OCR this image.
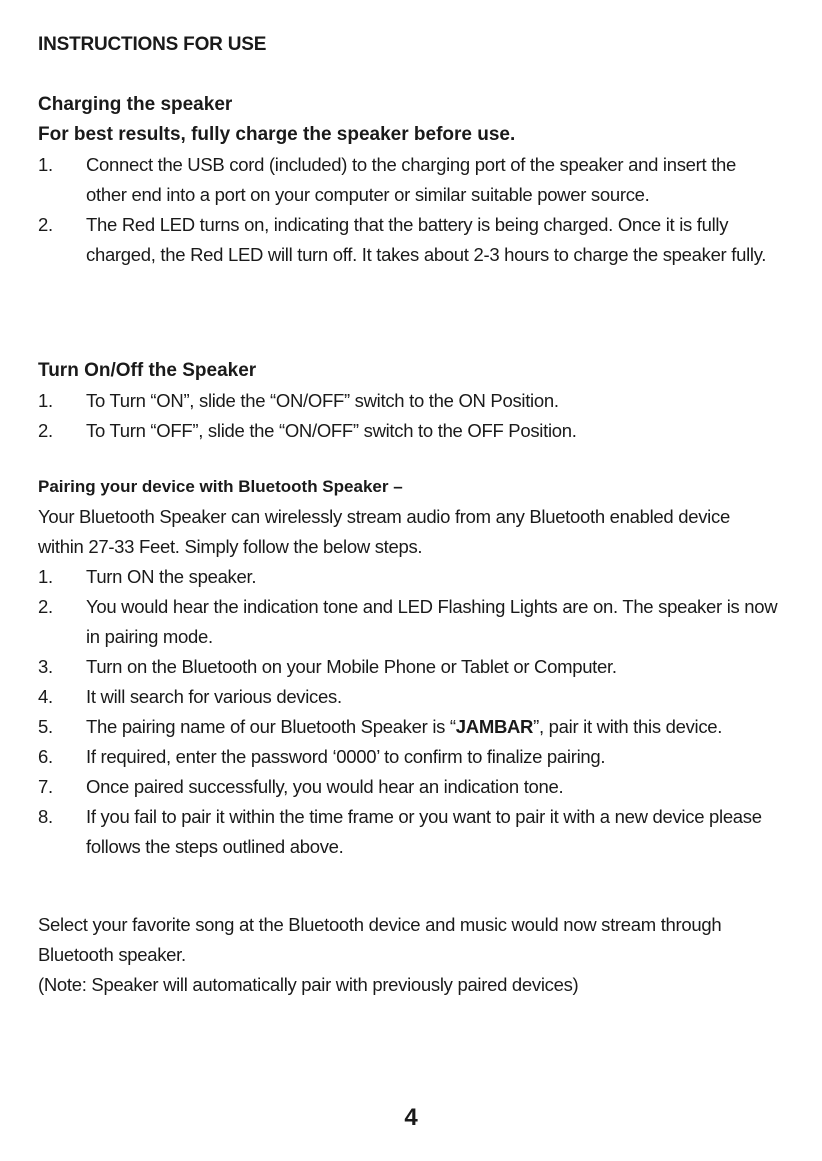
INSTRUCTIONS FOR USE
Charging the speaker
For best results, fully charge the speaker before use.
1.	Connect the USB cord (included) to the charging port of the speaker and insert the other end into a port on your computer or similar suitable power source.
2.	The Red LED turns on, indicating that the battery is being charged. Once it is fully charged, the Red LED will turn off. It takes about 2-3 hours to charge the speaker fully.
Turn On/Off the Speaker
1.	To Turn “ON”, slide the “ON/OFF” switch to the ON Position.
2.	To Turn “OFF”, slide the “ON/OFF” switch to the OFF Position.
Pairing your device with Bluetooth Speaker –
Your Bluetooth Speaker can wirelessly stream audio from any Bluetooth enabled device within 27-33 Feet. Simply follow the below steps.
1.	Turn ON the speaker.
2.	You would hear the indication tone and LED Flashing Lights are on. The speaker is now in pairing mode.
3.	Turn on the Bluetooth on your Mobile Phone or Tablet or Computer.
4.	It will search for various devices.
5.	The pairing name of our Bluetooth Speaker is “JAMBAR”, pair it with this device.
6.	If required, enter the password ‘0000’ to confirm to finalize pairing.
7.	Once paired successfully, you would hear an indication tone.
8.	If you fail to pair it within the time frame or you want to pair it with a new device please follows the steps outlined above.
Select your favorite song at the Bluetooth device and music would now stream through Bluetooth speaker.
(Note: Speaker will automatically pair with previously paired devices)
4
